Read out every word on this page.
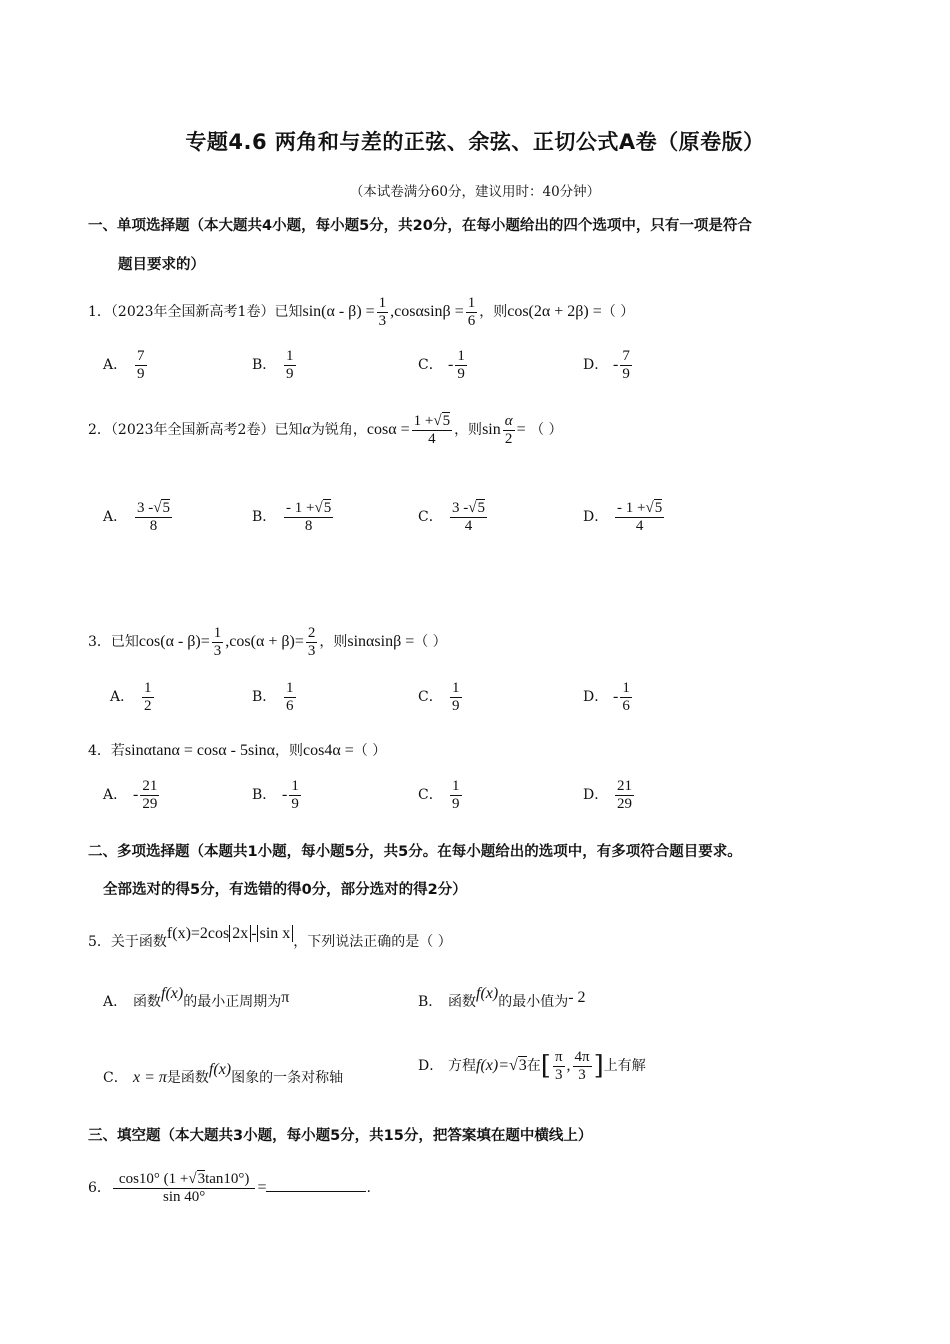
专题4.6 两角和与差的正弦、余弦、正切公式A卷（原卷版）
（本试卷满分60分，建议用时：40分钟）
一、单项选择题（本大题共4小题，每小题5分，共20分，在每小题给出的四个选项中，只有一项是符合
题目要求的）
1．（2023年全国新高考1卷）已知$\sin(\alpha - \beta) = \frac{1}{3} ,\cos\alpha\sin\beta = \frac{1}{6}$ ，则cos(2α + 2β) =（ ）
A． $\frac{7}{9}$	B． $\frac{1}{9}$	C． - $\frac{1}{9}$	D． - $\frac{7}{9}$
2．（2023年全国新高考2卷）已知α为锐角，$\cos\alpha = \frac{1 +√5}{4}$ ，则$\sin \frac{\alpha}{2}$ = （ ）
A． $\frac{3 -√5}{8}$	B． $\frac{- 1 +√5}{8}$	C． $\frac{3 -√5}{4}$	D． $\frac{- 1 +√5}{4}$
3．已知$\cos(\alpha - \beta)= \frac{1}{3} ,\cos(\alpha + \beta)= \frac{2}{3}$ ，则sinαsinβ =（ ）
A． $\frac{1}{2}$	B． $\frac{1}{6}$	C． $\frac{1}{9}$	D． - $\frac{1}{6}$
4．若sinαtanα = cosα - 5sinα，则cos4α =（ ）
A． - $\frac{21}{29}$	B． - $\frac{1}{9}$	C． $\frac{1}{9}$	D． $\frac{21}{29}$
二、多项选择题（本题共1小题，每小题5分，共5分。在每小题给出的选项中，有多项符合题目要求。
全部选对的得5分，有选错的得0分，部分选对的得2分）
5．关于函数f(x)=2cos 2x - sin x ，下列说法正确的是（ ）
A． 函数f(x)的最小正周期为π	B． 函数f(x)的最小值为- 2
C． x = π是函数f(x)图象的一条对称轴
D． 方程f(x)=√3在[ $\frac{\pi}{3}$ , $\frac{4\pi}{3}$ ]上有解
三、填空题（本大题共3小题，每小题5分，共15分，把答案填在题中横线上）
6． $\frac{\cos 10^\circ (1 +√3\tan 10^\circ)}{\sin 40^\circ}$ =	.
